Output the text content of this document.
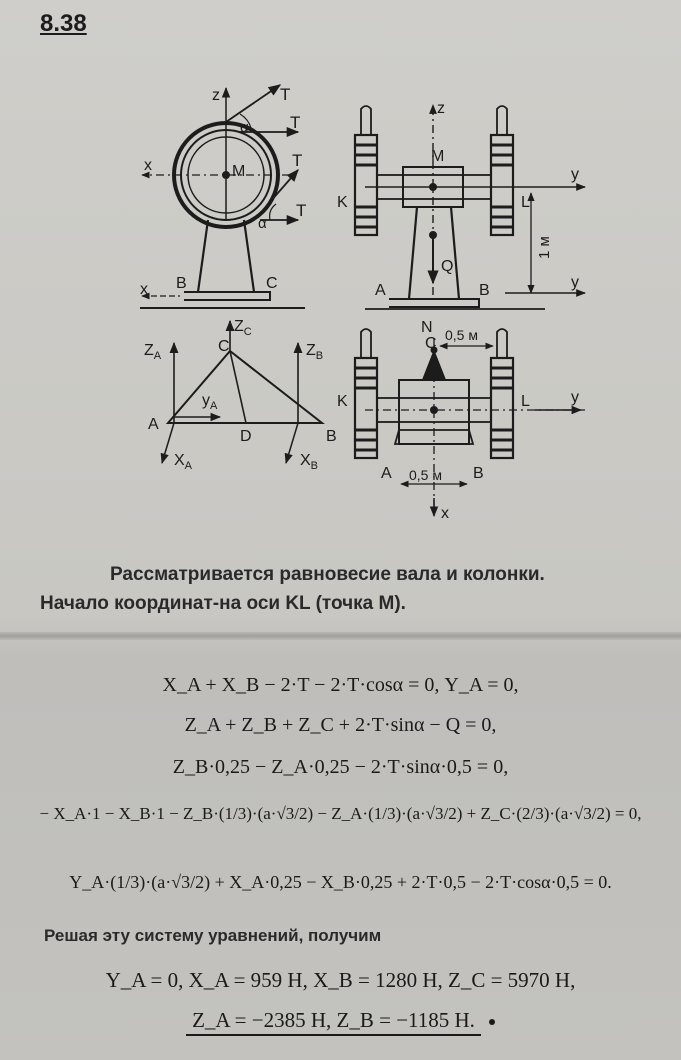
8.38
z
x
x
T
T
T
T
α
α
M
B	C
z
y
y
M
K	L
Q
A	B
1 м
$Z_C$
$Z_A$	$Z_B$
$y_A$
$X_A$	$X_B$
A
B
C
D
N
C
K	L	y
x
A	B
0,5 м
0,5 м
Рассматривается равновесие вала и колонки.
Начало координат-на оси KL (точка М).
X_A + X_B − 2·T − 2·T·cosα = 0, Y_A = 0,
Z_A + Z_B + Z_C + 2·T·sinα − Q = 0,
Z_B·0,25 − Z_A·0,25 − 2·T·sinα·0,5 = 0,
− X_A·1 − X_B·1 − Z_B·(1/3)·(a·√3/2) − Z_A·(1/3)·(a·√3/2) + Z_C·(2/3)·(a·√3/2) = 0,
Y_A·(1/3)·(a·√3/2) + X_A·0,25 − X_B·0,25 + 2·T·0,5 − 2·T·cosα·0,5 = 0.
Решая эту систему уравнений, получим
Y_A = 0, X_A = 959 H, X_B = 1280 H, Z_C = 5970 H,
Z_A = −2385 H, Z_B = −1185 H.
